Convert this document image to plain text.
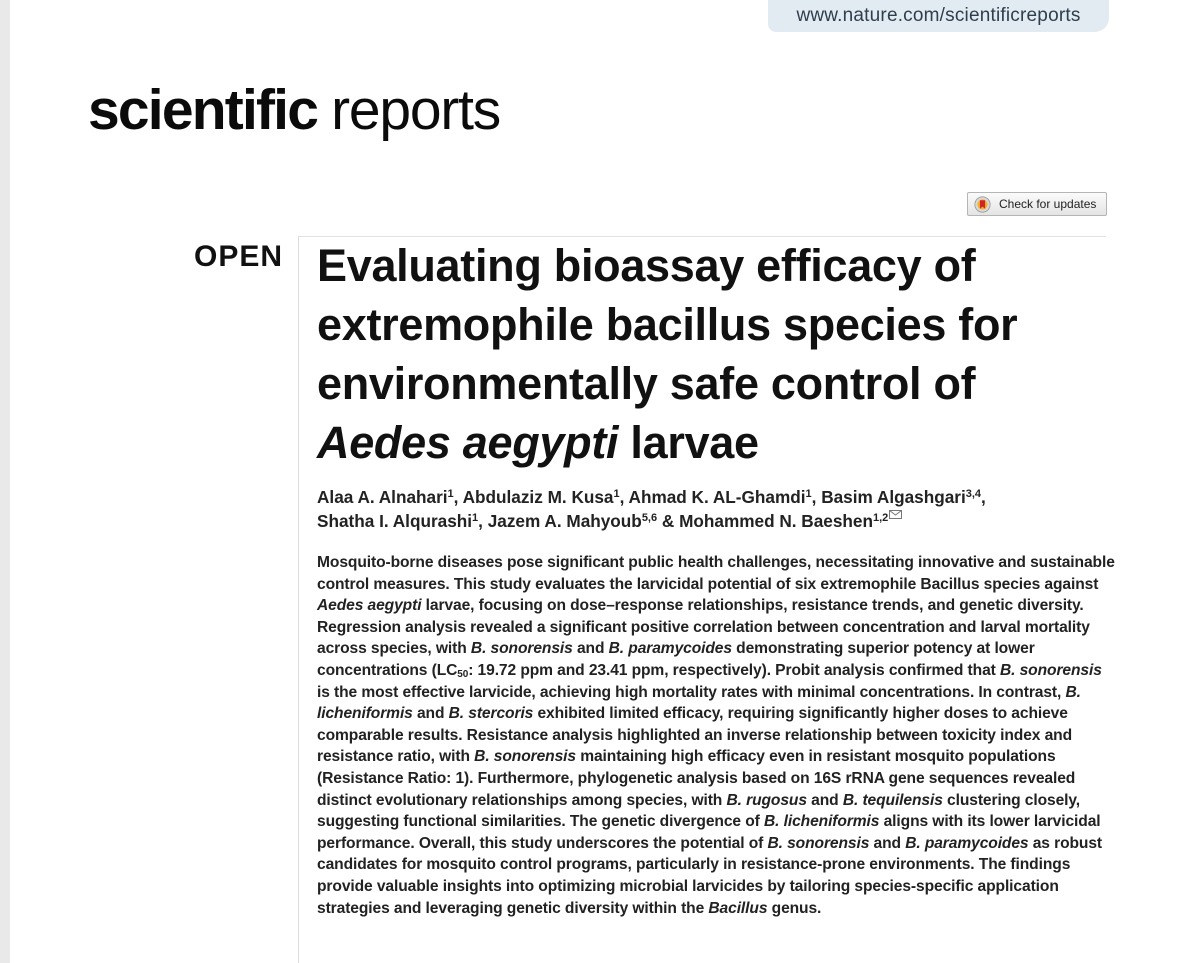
www.nature.com/scientificreports
scientific reports
Check for updates
OPEN Evaluating bioassay efficacy of extremophile bacillus species for environmentally safe control of Aedes aegypti larvae
Alaa A. Alnahari$^1$, Abdulaziz M. Kusa$^1$, Ahmad K. AL-Ghamdi$^1$, Basim Algashgari$^{3,4}$,
Shatha I. Alqurashi$^1$, Jazem A. Mahyoub$^{5,6}$ & Mohammed N. Baeshen$^{1,2}$

Mosquito-borne diseases pose significant public health challenges, necessitating innovative and sustainable control measures. This study evaluates the larvicidal potential of six extremophile Bacillus species against Aedes aegypti larvae, focusing on dose–response relationships, resistance trends, and genetic diversity. Regression analysis revealed a significant positive correlation between concentration and larval mortality across species, with B. sonorensis and B. paramycoides demonstrating superior potency at lower concentrations ($LC_{50}$: 19.72 ppm and 23.41 ppm, respectively). Probit analysis confirmed that B. sonorensis is the most effective larvicide, achieving high mortality rates with minimal concentrations. In contrast, B. licheniformis and B. stercoris exhibited limited efficacy, requiring significantly higher doses to achieve comparable results. Resistance analysis highlighted an inverse relationship between toxicity index and resistance ratio, with B. sonorensis maintaining high efficacy even in resistant mosquito populations (Resistance Ratio: 1). Furthermore, phylogenetic analysis based on 16S rRNA gene sequences revealed distinct evolutionary relationships among species, with B. rugosus and B. tequilensis clustering closely, suggesting functional similarities. The genetic divergence of B. licheniformis aligns with its lower larvicidal performance. Overall, this study underscores the potential of B. sonorensis and B. paramycoides as robust candidates for mosquito control programs, particularly in resistance-prone environments. The findings provide valuable insights into optimizing microbial larvicides by tailoring species-specific application strategies and leveraging genetic diversity within the Bacillus genus.
